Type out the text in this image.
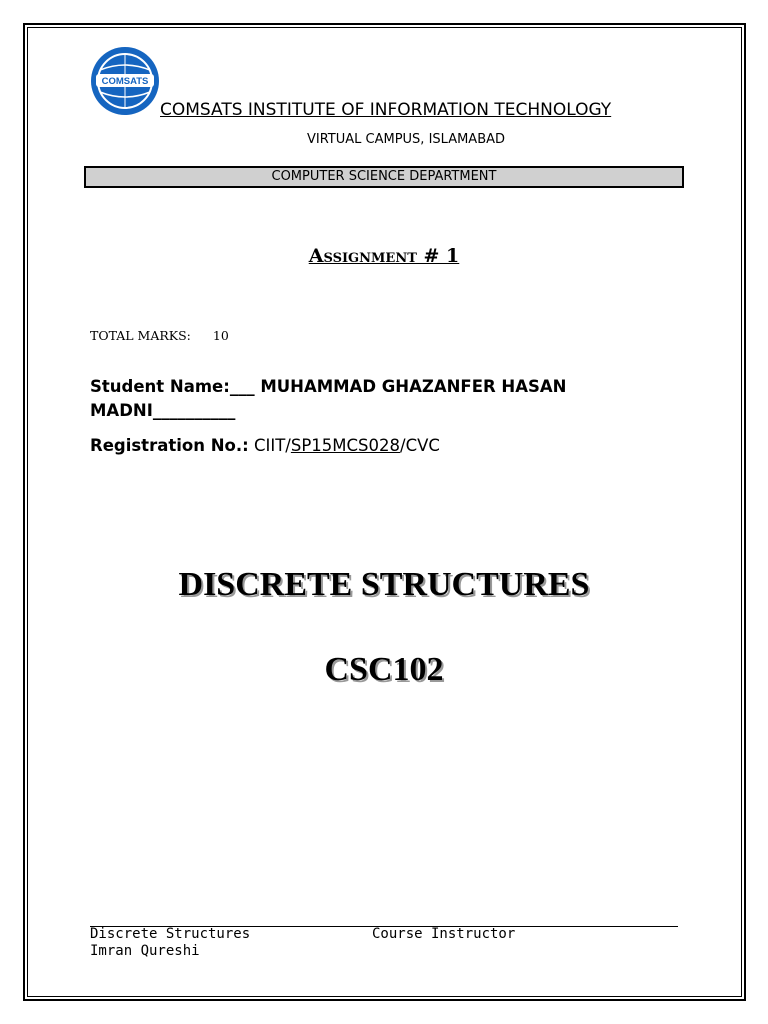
COMSATS
COMSATS INSTITUTE OF INFORMATION TECHNOLOGY
VIRTUAL CAMPUS, ISLAMABAD
COMPUTER SCIENCE DEPARTMENT
Assignment # 1
TOTAL MARKS: 10
Student Name:___ MUHAMMAD GHAZANFER HASAN MADNI__________
Registration No.: CIIT/SP15MCS028/CVC
DISCRETE STRUCTURES
CSC102
Discrete Structures
Imran Qureshi
Course Instructor
